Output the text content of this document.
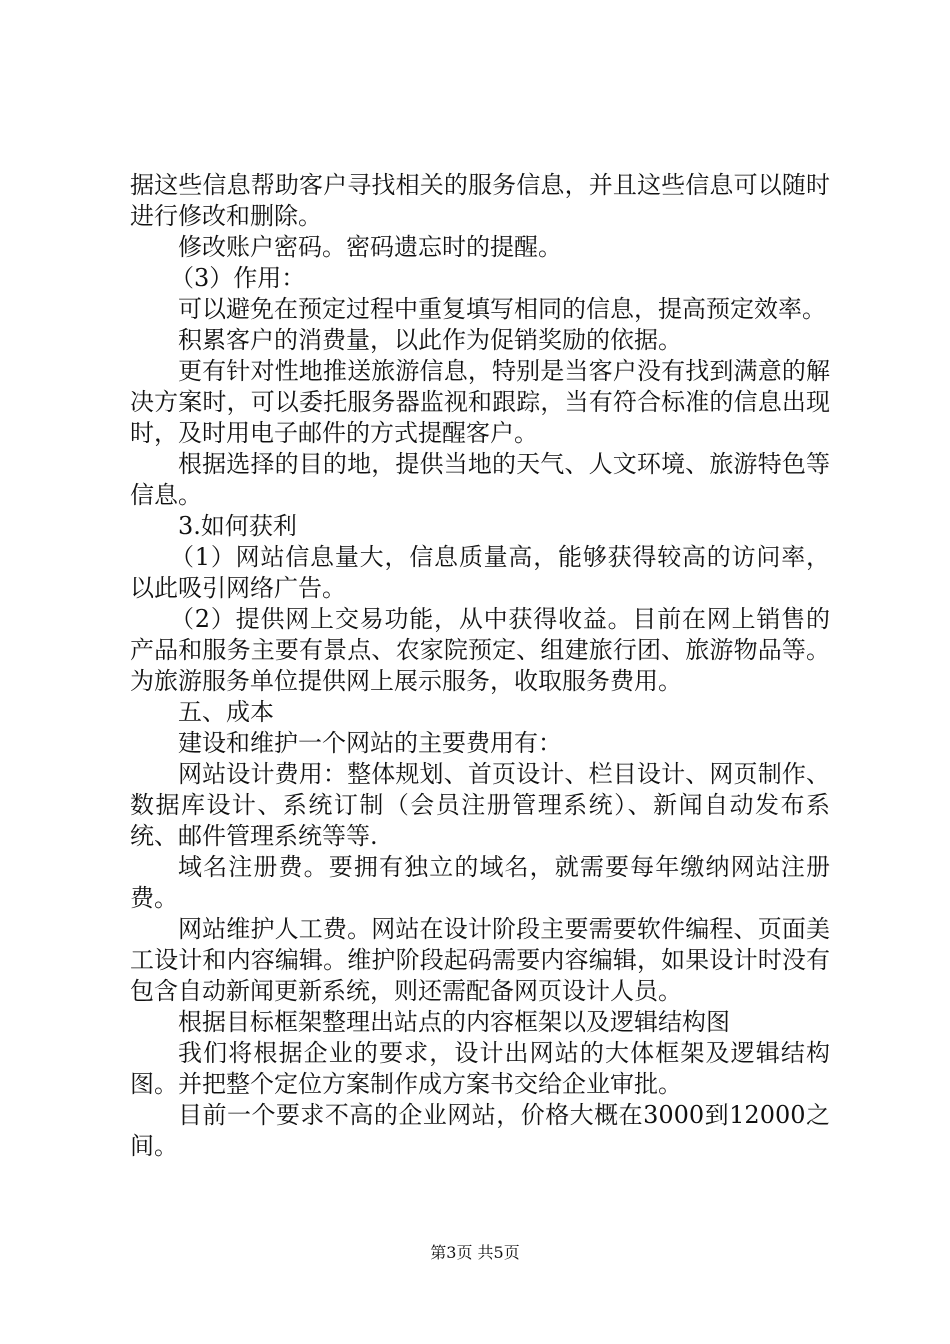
据这些信息帮助客户寻找相关的服务信息，并且这些信息可以随时进行修改和删除。

修改账户密码。密码遗忘时的提醒。

（3）作用：

可以避免在预定过程中重复填写相同的信息，提高预定效率。

积累客户的消费量，以此作为促销奖励的依据。

更有针对性地推送旅游信息，特别是当客户没有找到满意的解决方案时，可以委托服务器监视和跟踪，当有符合标准的信息出现时，及时用电子邮件的方式提醒客户。

根据选择的目的地，提供当地的天气、人文环境、旅游特色等信息。

3.如何获利

（1）网站信息量大，信息质量高，能够获得较高的访问率，以此吸引网络广告。

（2）提供网上交易功能，从中获得收益。目前在网上销售的产品和服务主要有景点、农家院预定、组建旅行团、旅游物品等。为旅游服务单位提供网上展示服务，收取服务费用。

五、成本

建设和维护一个网站的主要费用有：

网站设计费用：整体规划、首页设计、栏目设计、网页制作、数据库设计、系统订制（会员注册管理系统）、新闻自动发布系统、邮件管理系统等等.

域名注册费。要拥有独立的域名，就需要每年缴纳网站注册费。

网站维护人工费。网站在设计阶段主要需要软件编程、页面美工设计和内容编辑。维护阶段起码需要内容编辑，如果设计时没有包含自动新闻更新系统，则还需配备网页设计人员。

根据目标框架整理出站点的内容框架以及逻辑结构图

我们将根据企业的要求，设计出网站的大体框架及逻辑结构图。并把整个定位方案制作成方案书交给企业审批。

目前一个要求不高的企业网站，价格大概在3000到12000之间。

第3页 共5页
